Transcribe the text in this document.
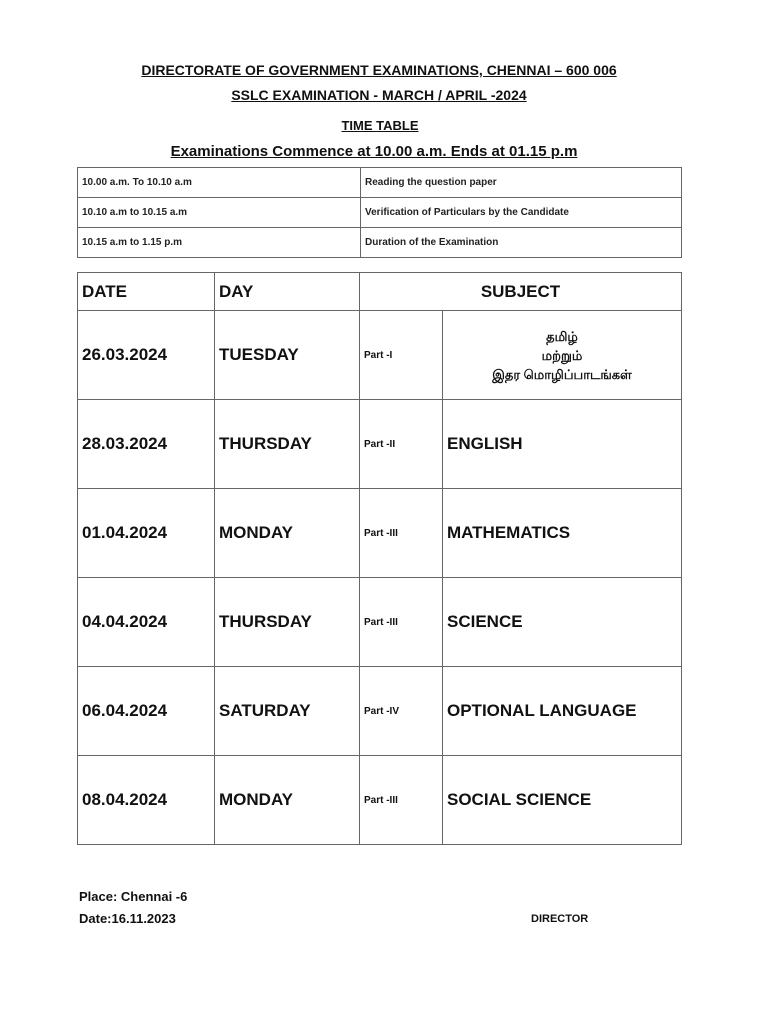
DIRECTORATE OF GOVERNMENT EXAMINATIONS, CHENNAI – 600 006
SSLC EXAMINATION - MARCH / APRIL -2024
TIME TABLE
Examinations Commence at 10.00 a.m. Ends at 01.15 p.m
10.00 a.m. To 10.10 a.m	Reading the question paper
10.10 a.m to 10.15 a.m	Verification of Particulars by the Candidate
10.15 a.m to 1.15 p.m	Duration of the Examination
DATE	DAY	SUBJECT	
26.03.2024	TUESDAY	Part -I	தமிழ்
மற்றும்
இதர மொழிப்பாடங்கள்

28.03.2024	THURSDAY	Part -II	ENGLISH
01.04.2024	MONDAY	Part -III	MATHEMATICS
04.04.2024	THURSDAY	Part -III	SCIENCE
06.04.2024	SATURDAY	Part -IV	OPTIONAL LANGUAGE
08.04.2024	MONDAY	Part -III	SOCIAL SCIENCE
Place: Chennai -6
Date:16.11.2023	DIRECTOR
